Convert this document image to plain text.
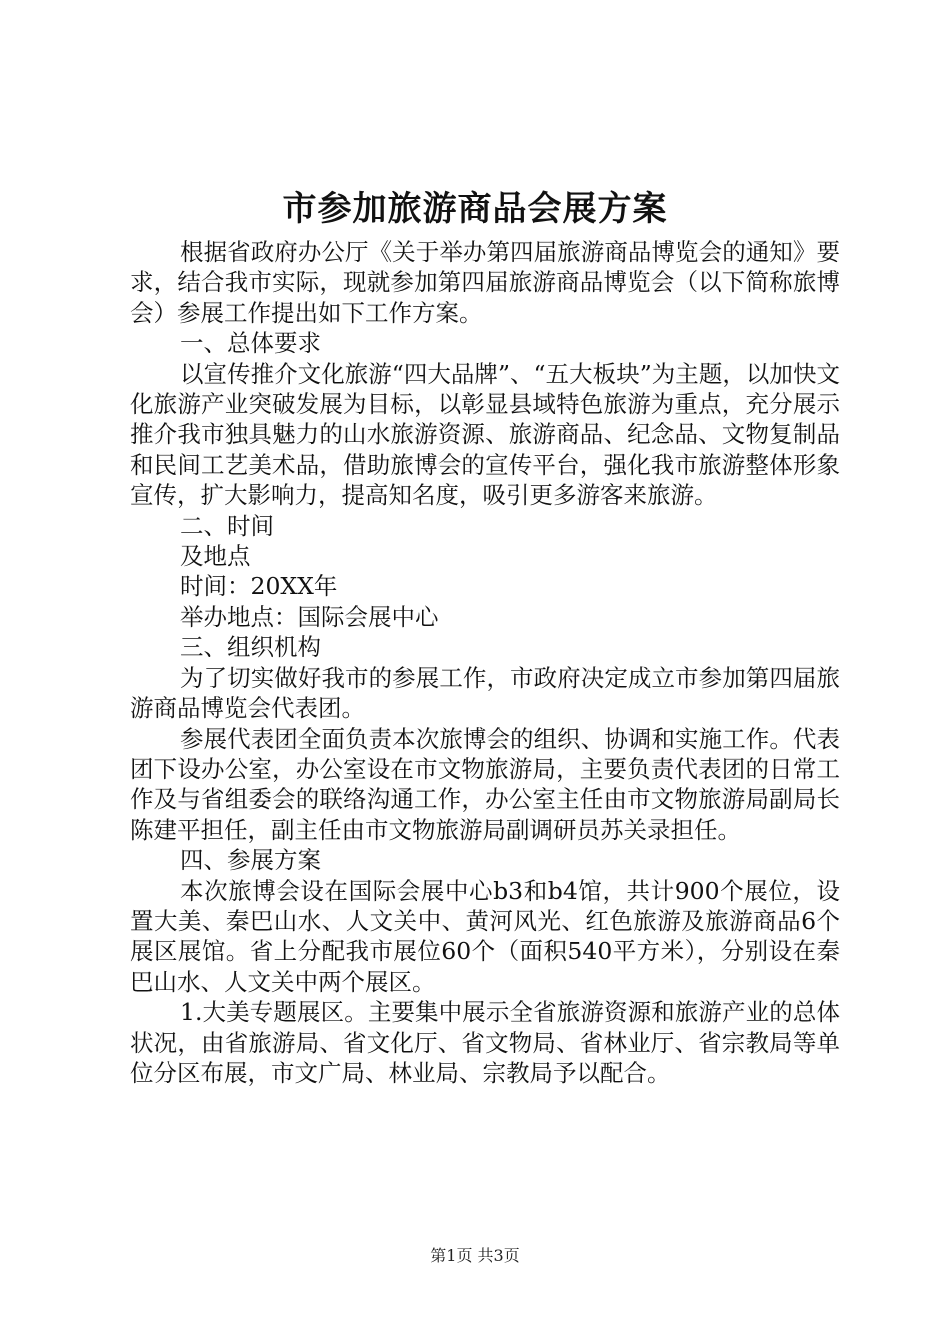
市参加旅游商品会展方案

根据省政府办公厅《关于举办第四届旅游商品博览会的通知》要求，结合我市实际，现就参加第四届旅游商品博览会（以下简称旅博会）参展工作提出如下工作方案。

一、总体要求

以宣传推介文化旅游“四大品牌”、“五大板块”为主题，以加快文化旅游产业突破发展为目标，以彰显县域特色旅游为重点，充分展示推介我市独具魅力的山水旅游资源、旅游商品、纪念品、文物复制品和民间工艺美术品，借助旅博会的宣传平台，强化我市旅游整体形象宣传，扩大影响力，提高知名度，吸引更多游客来旅游。

二、时间

及地点

时间：20XX年

举办地点：国际会展中心

三、组织机构

为了切实做好我市的参展工作，市政府决定成立市参加第四届旅游商品博览会代表团。

参展代表团全面负责本次旅博会的组织、协调和实施工作。代表团下设办公室，办公室设在市文物旅游局，主要负责代表团的日常工作及与省组委会的联络沟通工作，办公室主任由市文物旅游局副局长陈建平担任，副主任由市文物旅游局副调研员苏关录担任。

四、参展方案

本次旅博会设在国际会展中心b3和b4馆，共计900个展位，设置大美、秦巴山水、人文关中、黄河风光、红色旅游及旅游商品6个展区展馆。省上分配我市展位60个（面积540平方米），分别设在秦巴山水、人文关中两个展区。

1.大美专题展区。主要集中展示全省旅游资源和旅游产业的总体状况，由省旅游局、省文化厅、省文物局、省林业厅、省宗教局等单位分区布展，市文广局、林业局、宗教局予以配合。

第1页 共3页
